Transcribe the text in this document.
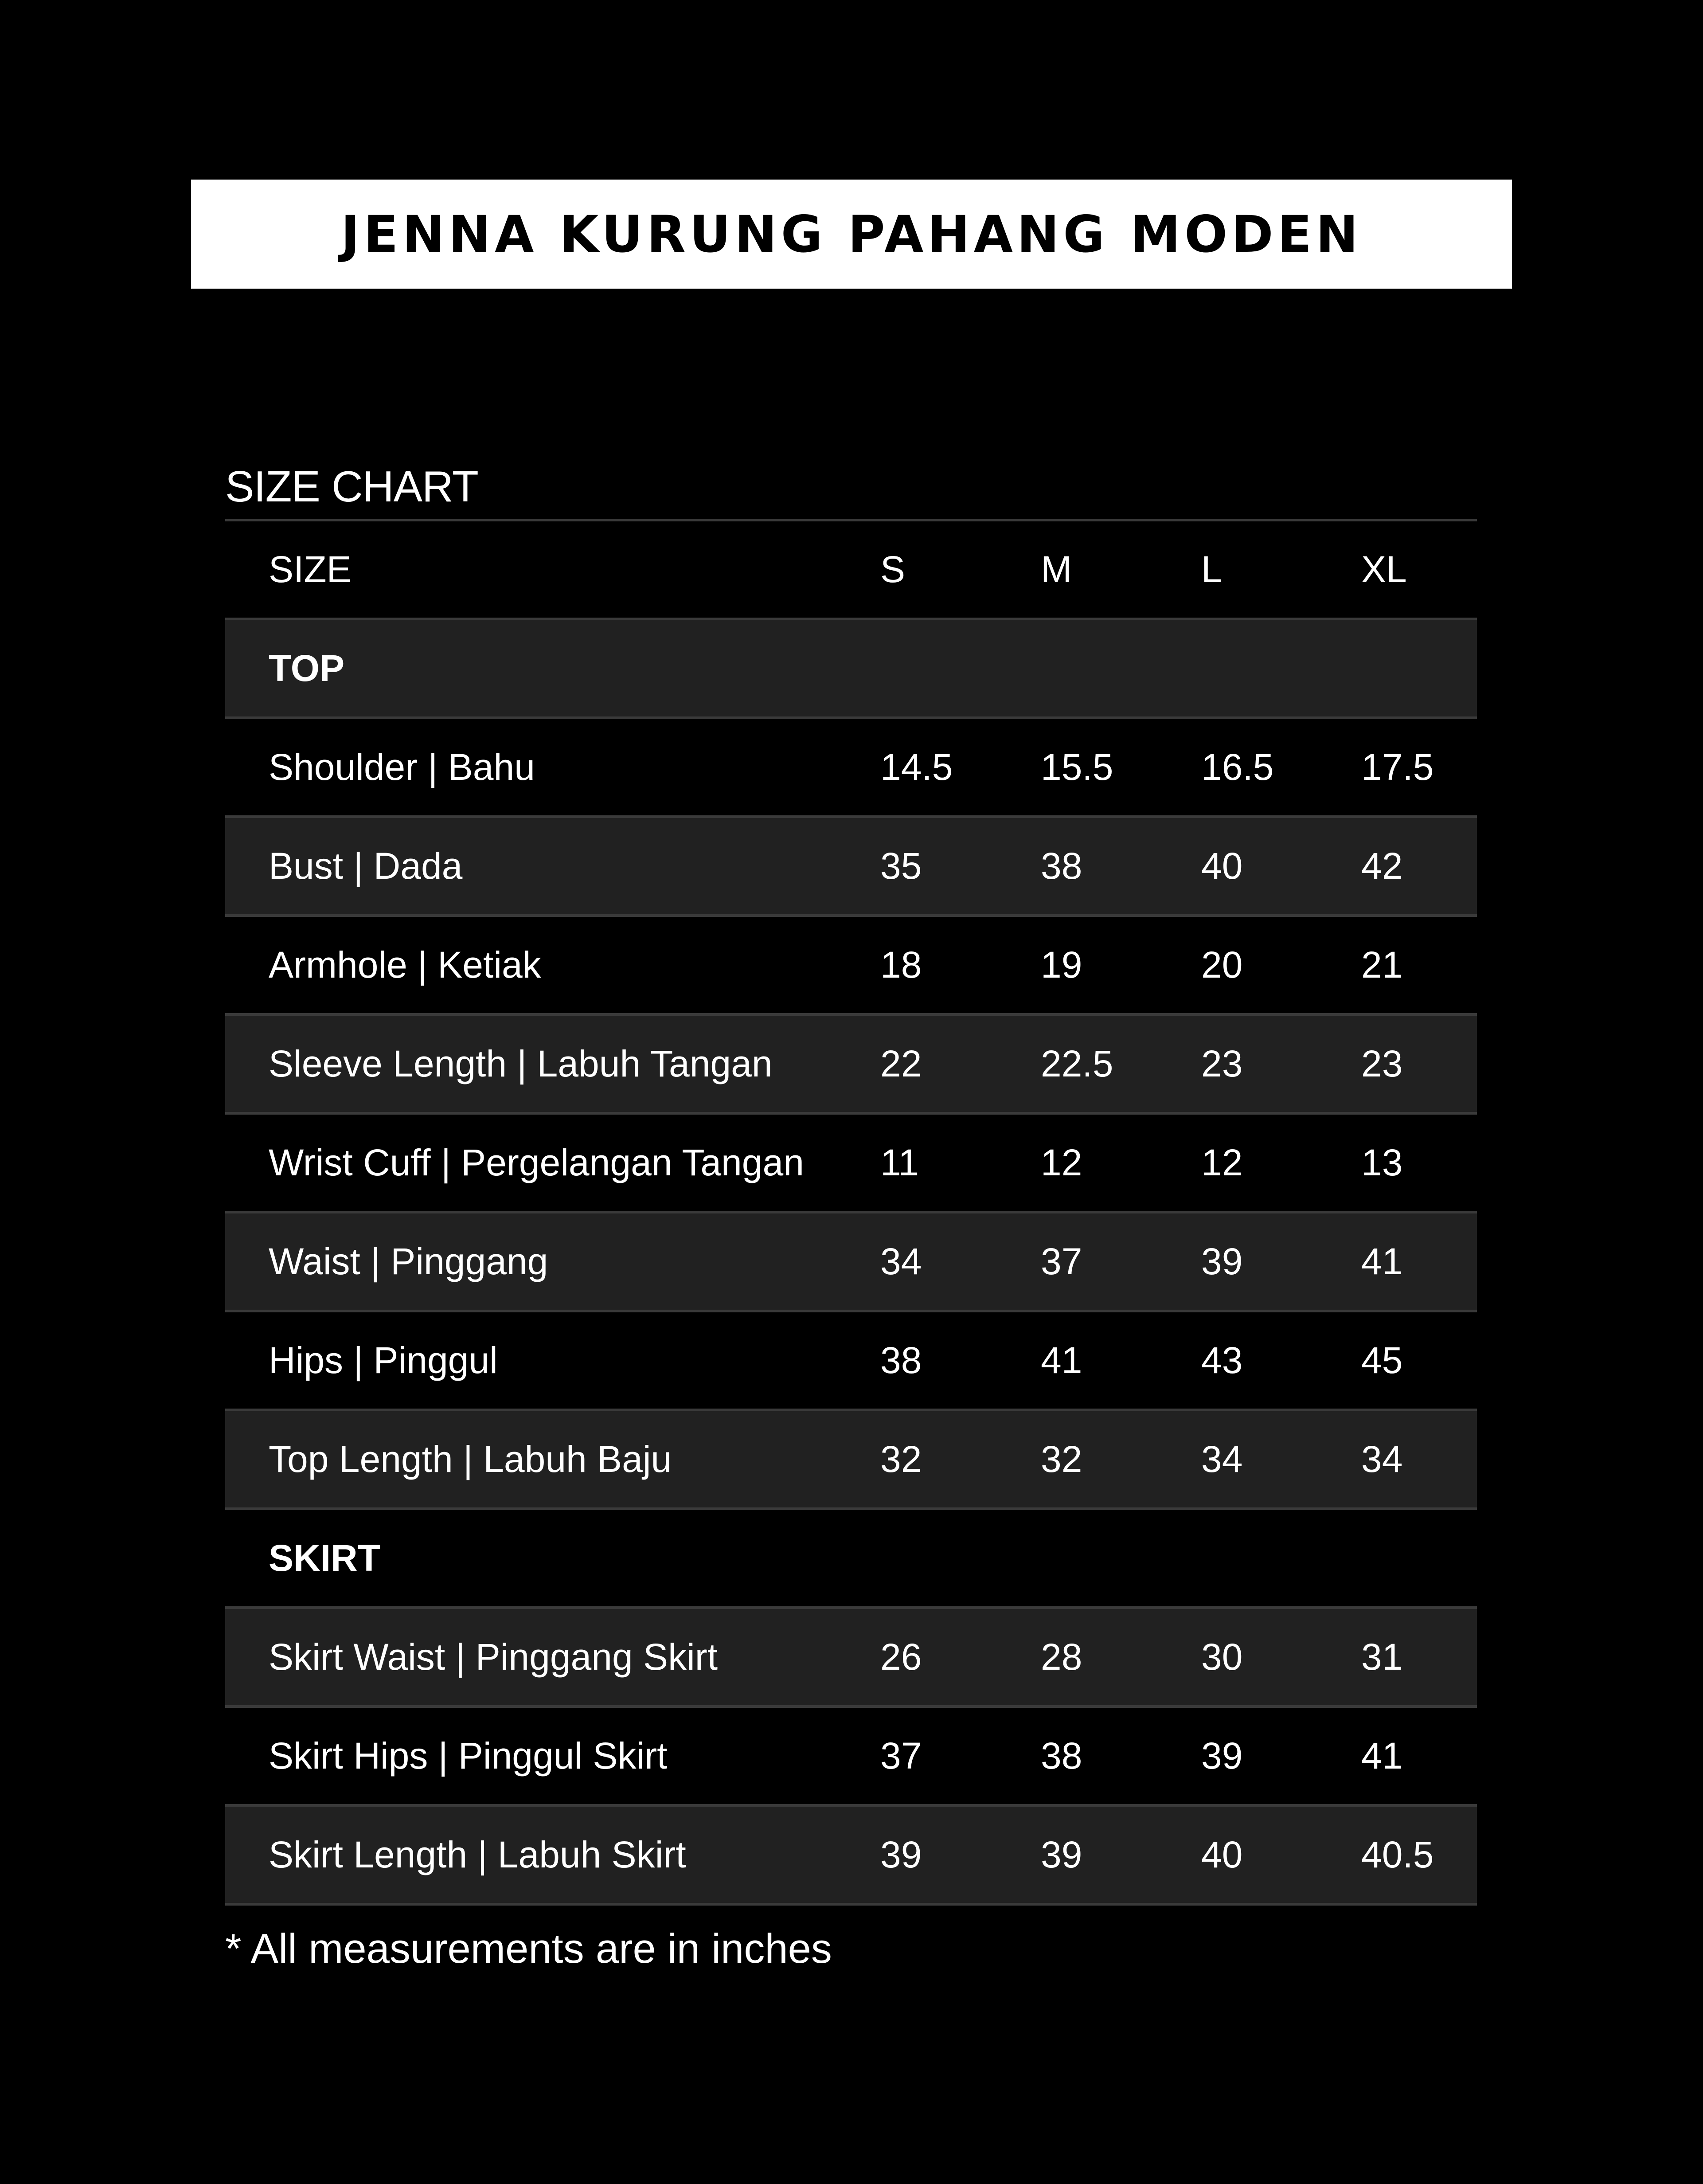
JENNA KURUNG PAHANG MODEN
SIZE CHART
SIZE	S	M	L	XL
TOP
Shoulder | Bahu	14.5 15.5 16.5 17.5
Bust | Dada	35	38	40	42
Armhole | Ketiak	18	19	20	21
Sleeve Length | Labuh Tangan	22	22.5 23	23
Wrist Cuff | Pergelangan Tangan 11	12	12	13
Waist | Pinggang	34	37	39	41
Hips | Pinggul	38	41	43	45
Top Length | Labuh Baju	32	32	34	34
SKIRT
Skirt Waist | Pinggang Skirt	26	28	30	31
Skirt Hips | Pinggul Skirt	37	38	39	41
Skirt Length | Labuh Skirt	39	39	40	40.5
* All measurements are in inches
